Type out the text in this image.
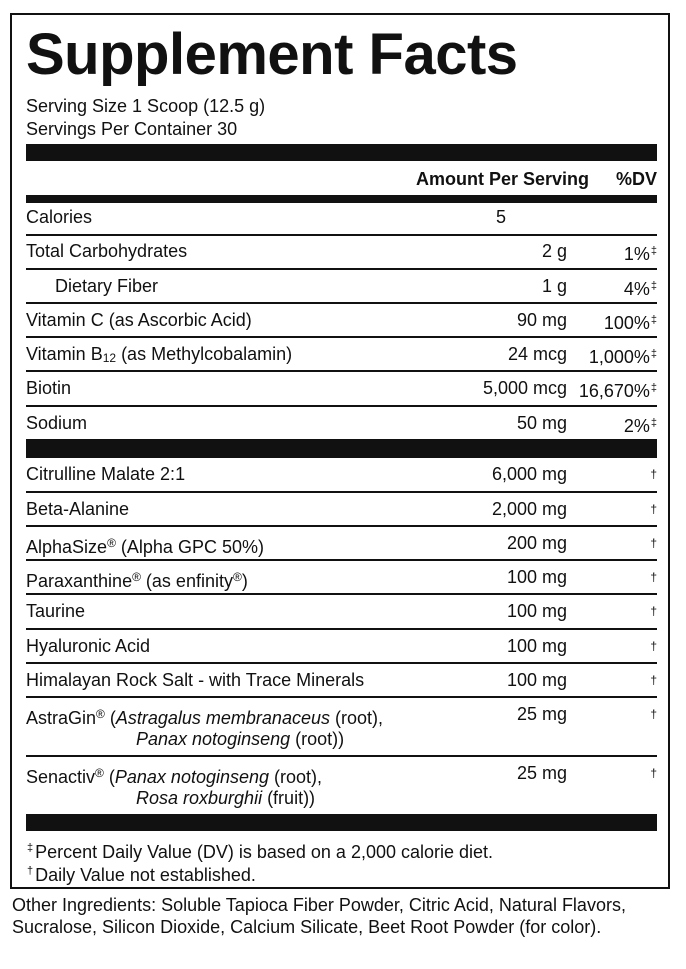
Supplement Facts
Serving Size 1 Scoop (12.5 g)
Servings Per Container 30
Amount Per Serving %DV
Calories	5
Total Carbohydrates	2 g	1%‡
Dietary Fiber	1 g	4%‡
Vitamin C (as Ascorbic Acid)	90 mg 100%‡
Vitamin B12 (as Methylcobalamin)	24 mcg 1,000%‡
Biotin	5,000 mcg 16,670%‡
Sodium	50 mg	2%‡
Citrulline Malate 2:1	6,000 mg	†
Beta-Alanine	2,000 mg	†
AlphaSize® (Alpha GPC 50%)	200 mg	†
Paraxanthine® (as enfinity®)	100 mg	†
Taurine	100 mg	†
Hyaluronic Acid	100 mg	†
Himalayan Rock Salt - with Trace Minerals	100 mg	†
AstraGin® (Astragalus membranaceus (root),
Panax notoginseng (root))
25 mg	†
Senactiv® (Panax notoginseng (root),
Rosa roxburghii (fruit))
25 mg	†
‡ Percent Daily Value (DV) is based on a 2,000 calorie diet.
† Daily Value not established.
Other Ingredients: Soluble Tapioca Fiber Powder, Citric Acid, Natural Flavors, Sucralose, Silicon Dioxide, Calcium Silicate, Beet Root Powder (for color).
